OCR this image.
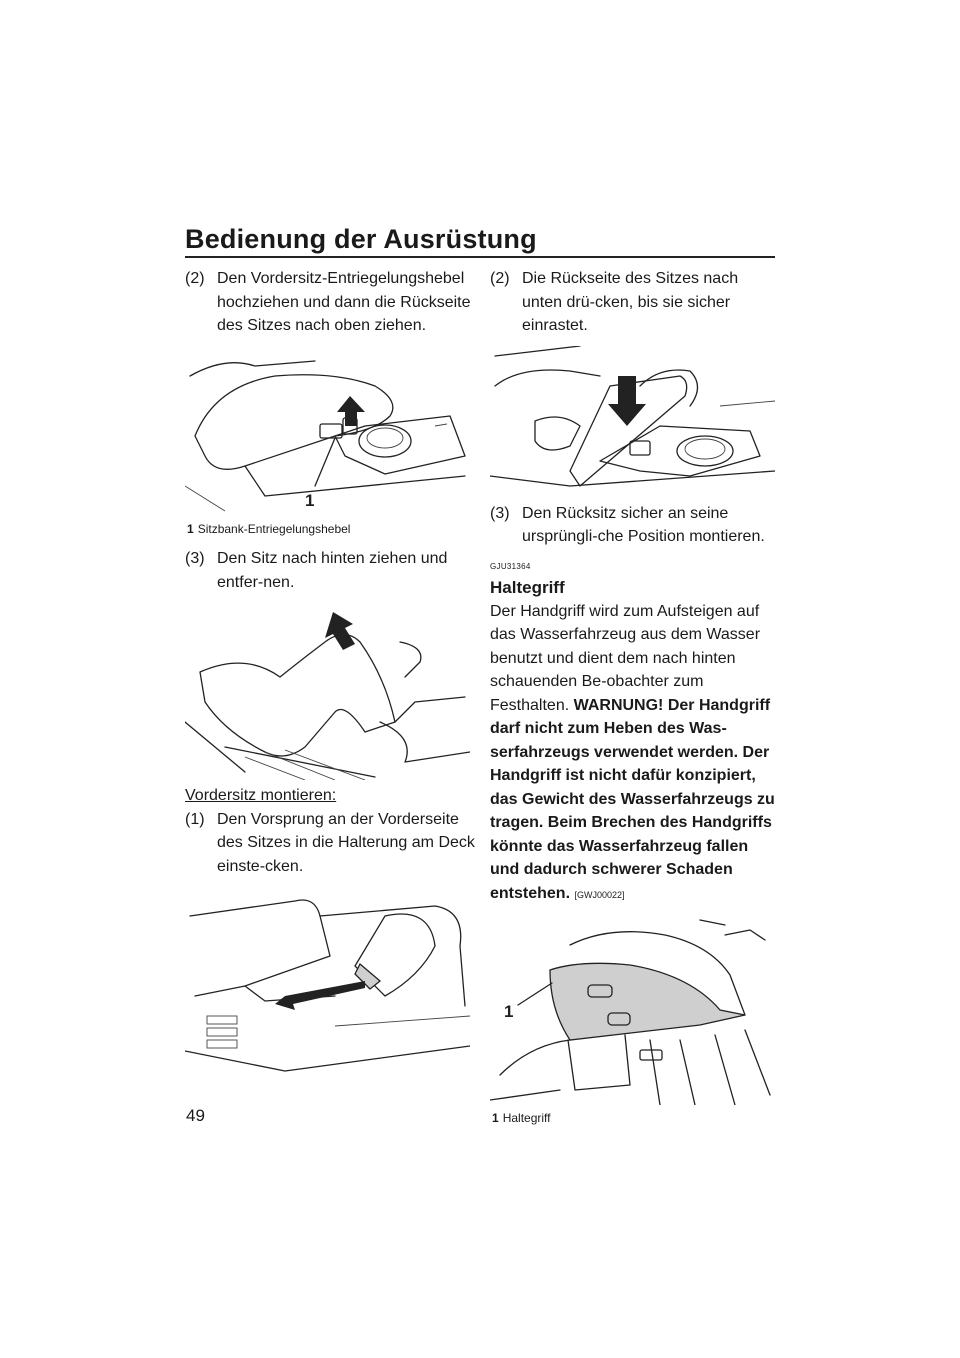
Bedienung der Ausrüstung
(2) Den Vordersitz-Entriegelungshebel hochziehen und dann die Rückseite des Sitzes nach oben ziehen.
1
1 Sitzbank-Entriegelungshebel
(3) Den Sitz nach hinten ziehen und entfer-nen.
Vordersitz montieren:
(1) Den Vorsprung an der Vorderseite des Sitzes in die Halterung am Deck einste-cken.
(2) Die Rückseite des Sitzes nach unten drü-cken, bis sie sicher einrastet.
(3) Den Rücksitz sicher an seine ursprüngli-che Position montieren.
GJU31364
Haltegriff

Der Handgriff wird zum Aufsteigen auf das Wasserfahrzeug aus dem Wasser benutzt und dient dem nach hinten schauenden Be-obachter zum Festhalten. WARNUNG! Der Handgriff darf nicht zum Heben des Was-serfahrzeugs verwendet werden. Der Handgriff ist nicht dafür konzipiert, das Gewicht des Wasserfahrzeugs zu tragen. Beim Brechen des Handgriffs könnte das Wasserfahrzeug fallen und dadurch schwerer Schaden entstehen. [GWJ00022]

1
1 Haltegriff
49
